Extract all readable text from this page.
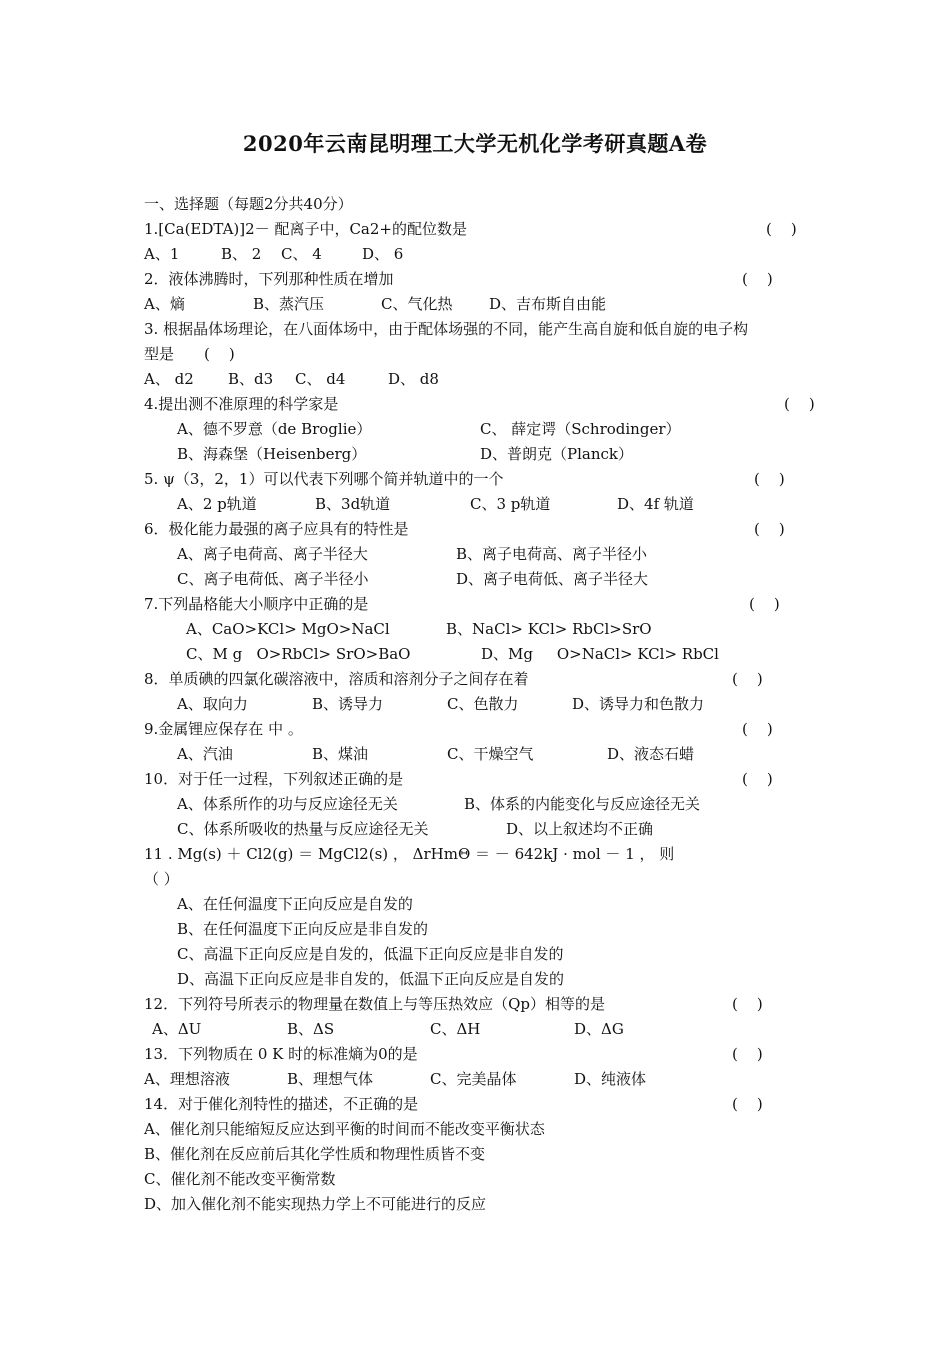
2020年云南昆明理工大学无机化学考研真题A卷
一、选择题（每题2分共40分）
1.[Ca(EDTA)]2－ 配离子中，Ca2+的配位数是	(    )
A、1	B、 2 C、 4	D、 6
2．液体沸腾时，下列那种性质在增加	(    )
A、熵	B、蒸汽压	C、气化热 D、吉布斯自由能
3. 根据晶体场理论，在八面体场中，由于配体场强的不同，能产生高自旋和低自旋的电子构
型是 (    )
A、 d2 B、d3 C、 d4	D、 d8
4.提出测不准原理的科学家是	(    )
A、德不罗意（de Broglie）	C、 薛定谔（Schrodinger）
B、海森堡（Heisenberg）	D、普朗克（Planck）
5. ψ（3，2，1）可以代表下列哪个简并轨道中的一个	(    )
A、2 p轨道	B、3d轨道	C、3 p轨道	D、4f 轨道
6．极化能力最强的离子应具有的特性是	(    )
A、离子电荷高、离子半径大	B、离子电荷高、离子半径小
C、离子电荷低、离子半径小	D、离子电荷低、离子半径大
7.下列晶格能大小顺序中正确的是	(    )
A、CaO>KCl> MgO>NaCl	B、NaCl> KCl> RbCl>SrO
C、M g   O>RbCl> SrO>BaO	D、Mg     O>NaCl> KCl> RbCl
8．单质碘的四氯化碳溶液中，溶质和溶剂分子之间存在着	(    )
A、取向力	B、诱导力	C、色散力	D、诱导力和色散力
9.金属锂应保存在 中 。	(    )
A、汽油	B、煤油	C、干燥空气	D、液态石蜡
10．对于任一过程，下列叙述正确的是	(    )
A、体系所作的功与反应途径无关	B、体系的内能变化与反应途径无关
C、体系所吸收的热量与反应途径无关	D、以上叙述均不正确
11 . Mg(s) ＋ Cl2(g) ＝ MgCl2(s) ， ΔrHmΘ ＝ － 642kJ · mol － 1 ， 则
（ ）
A、在任何温度下正向反应是自发的
B、在任何温度下正向反应是非自发的
C、高温下正向反应是自发的，低温下正向反应是非自发的
D、高温下正向反应是非自发的，低温下正向反应是自发的
12．下列符号所表示的物理量在数值上与等压热效应（Qp）相等的是	(    )
A、ΔU	B、ΔS	C、ΔH	D、ΔG
13．下列物质在 0 K 时的标准熵为0的是	(    )
A、理想溶液	B、理想气体	C、完美晶体	D、纯液体
14．对于催化剂特性的描述，不正确的是	(    )
A、催化剂只能缩短反应达到平衡的时间而不能改变平衡状态
B、催化剂在反应前后其化学性质和物理性质皆不变
C、催化剂不能改变平衡常数
D、加入催化剂不能实现热力学上不可能进行的反应
